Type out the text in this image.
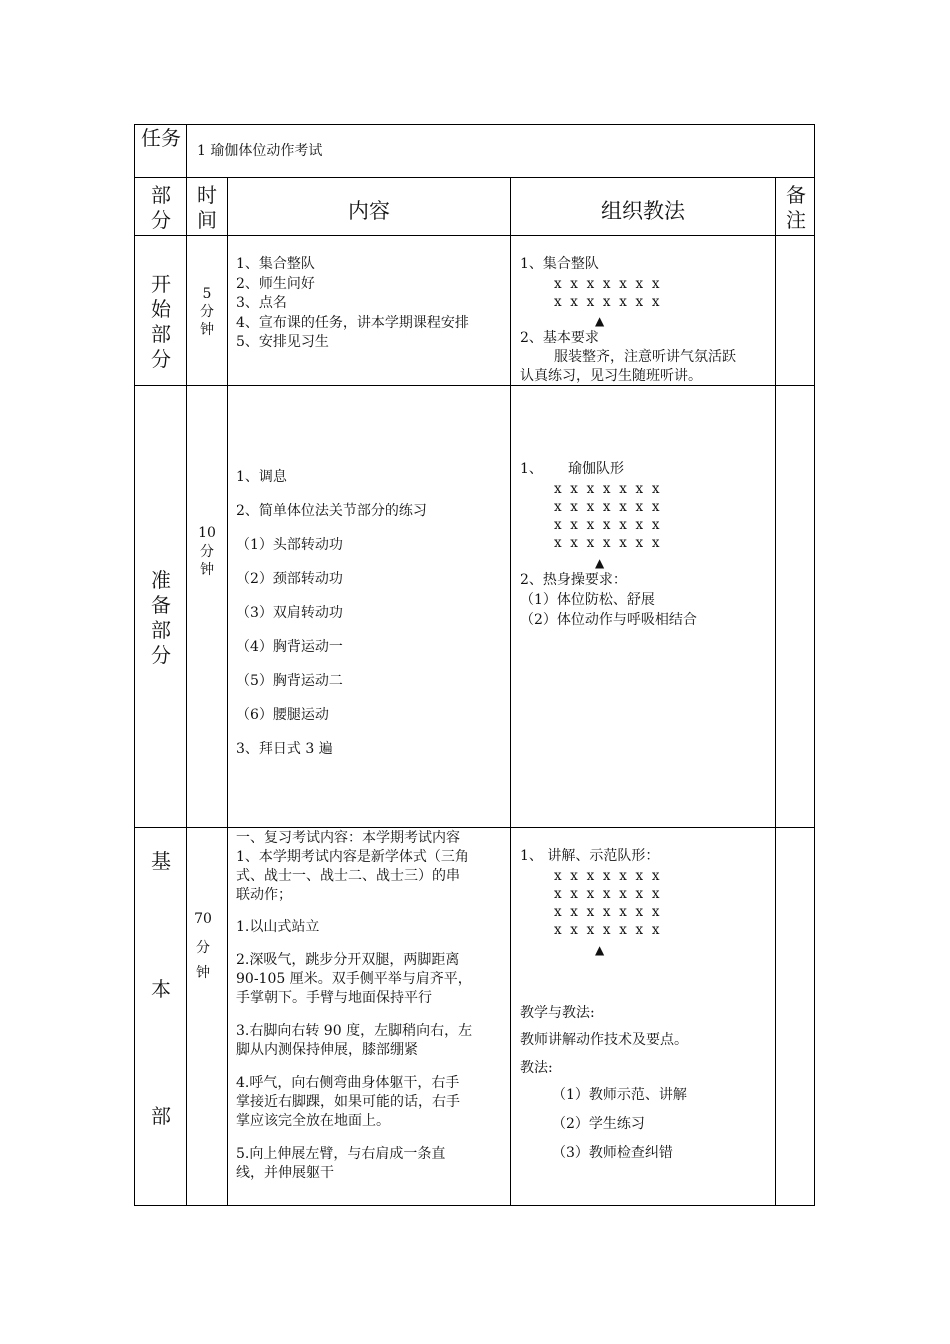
任务
1 瑜伽体位动作考试
部分
时间	内容	组织教法
备注
开始部分
5
分钟
1、集合整队
2、师生问好
3、点名
4、宣布课的任务，讲本学期课程安排
5、安排见习生
1、集合整队
x x x x x x x
x x x x x x x
▲
2、基本要求
服装整齐，注意听讲气氛活跃
认真练习，见习生随班听讲。
准备部分
10
分钟
1、调息
2、简单体位法关节部分的练习
（1）头部转动功
（2）颈部转动功
（3）双肩转动功
（4）胸背运动一
（5）胸背运动二
（6）腰腿运动
3、拜日式 3 遍
1、 瑜伽队形
x x x x x x x
x x x x x x x
x x x x x x x
x x x x x x x
▲
2、热身操要求：
（1）体位防松、舒展
（2）体位动作与呼吸相结合
基
本
部
70
分
钟
一、复习考试内容：本学期考试内容
1、本学期考试内容是新学体式（三角
式、战士一、战士二、战士三）的串
联动作；
1.以山式站立
2.深吸气，跳步分开双腿，两脚距离
90-105 厘米。双手侧平举与肩齐平，
手掌朝下。手臂与地面保持平行
3.右脚向右转 90 度，左脚稍向右，左
脚从内测保持伸展，膝部绷紧
4.呼气，向右侧弯曲身体躯干，右手
掌接近右脚踝，如果可能的话，右手
掌应该完全放在地面上。
5.向上伸展左臂，与右肩成一条直
线，并伸展躯干
1、 讲解、示范队形：
x x x x x x x
x x x x x x x
x x x x x x x
x x x x x x x
▲
教学与教法:
教师讲解动作技术及要点。
教法:
（1）教师示范、讲解
（2）学生练习
（3）教师检查纠错
